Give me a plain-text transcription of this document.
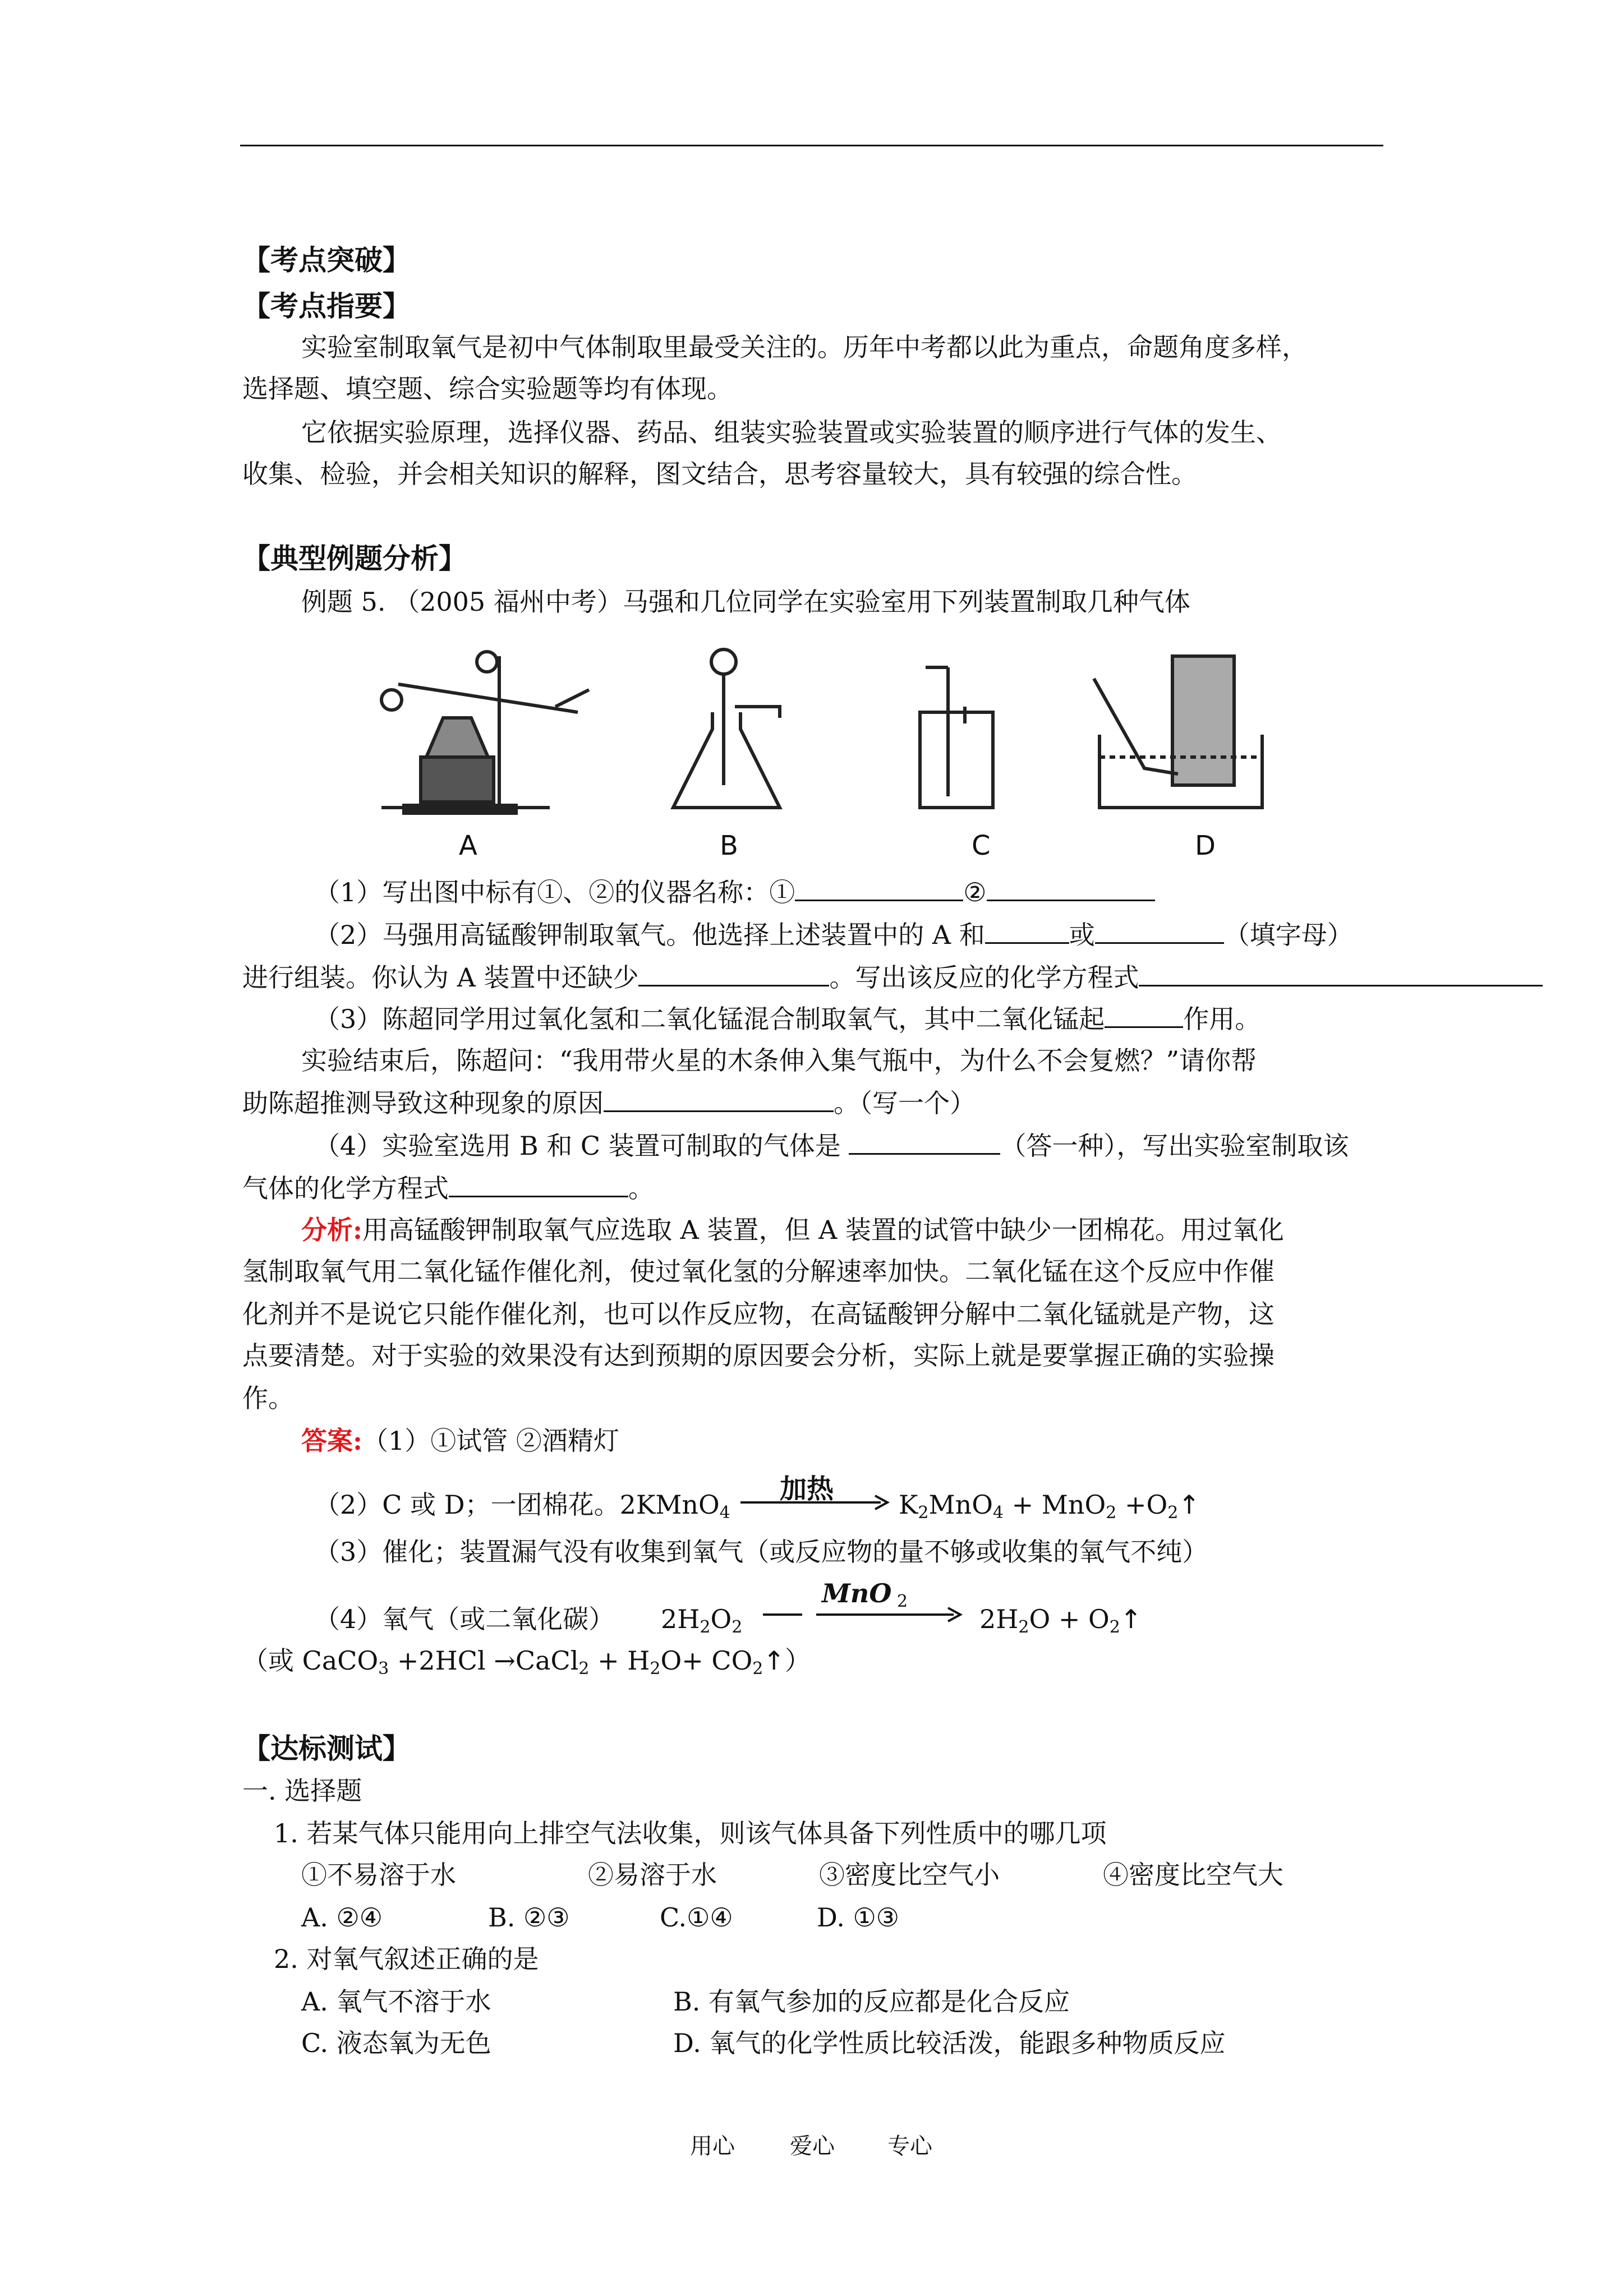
【考点突破】
【考点指要】
实验室制取氧气是初中气体制取里最受关注的。历年中考都以此为重点，命题角度多样，
选择题、填空题、综合实验题等均有体现。
它依据实验原理，选择仪器、药品、组装实验装置或实验装置的顺序进行气体的发生、
收集、检验，并会相关知识的解释，图文结合，思考容量较大，具有较强的综合性。
【典型例题分析】
例题 5. （2005 福州中考）马强和几位同学在实验室用下列装置制取几种气体
A	B	C	D
（1）写出图中标有①、②的仪器名称：①	②
（2）马强用高锰酸钾制取氧气。他选择上述装置中的 A 和	或	（填字母）
进行组装。你认为 A 装置中还缺少	。写出该反应的化学方程式
（3）陈超同学用过氧化氢和二氧化锰混合制取氧气，其中二氧化锰起	作用。
实验结束后，陈超问：“我用带火星的木条伸入集气瓶中，为什么不会复燃？”请你帮
助陈超推测导致这种现象的原因	。（写一个）
（4）实验室选用 B 和 C 装置可制取的气体是	（答一种），写出实验室制取该
气体的化学方程式	。
分析:用高锰酸钾制取氧气应选取 A 装置，但 A 装置的试管中缺少一团棉花。用过氧化
氢制取氧气用二氧化锰作催化剂，使过氧化氢的分解速率加快。二氧化锰在这个反应中作催
化剂并不是说它只能作催化剂，也可以作反应物，在高锰酸钾分解中二氧化锰就是产物，这
点要清楚。对于实验的效果没有达到预期的原因要会分析，实际上就是要掌握正确的实验操
作。
答案:（1）①试管 ②酒精灯
（2）C 或 D；一团棉花。2KMnO$_4$
加热	$K_2MnO_4 + MnO_2$ $+O_2↑$
（3）催化；装置漏气没有收集到氧气（或反应物的量不够或收集的氧气不纯）
（4）氧气（或二氧化碳） $2H_2O_2$
MnO $_2$
$2H_2O$ + $O_2↑$
（或 CaCO$_3$ +2HCl →CaCl$_2$ + $H_2O+$ $CO_2↑$）
【达标测试】
一. 选择题
1. 若某气体只能用向上排空气法收集，则该气体具备下列性质中的哪几项
①不易溶于水	②易溶于水	③密度比空气小	④密度比空气大
A. ②④	B. ②③	C.①④	D. ①③
2. 对氧气叙述正确的是
A. 氧气不溶于水	B. 有氧气参加的反应都是化合反应
C. 液态氧为无色	D. 氧气的化学性质比较活泼，能跟多种物质反应
用心 爱心 专心
